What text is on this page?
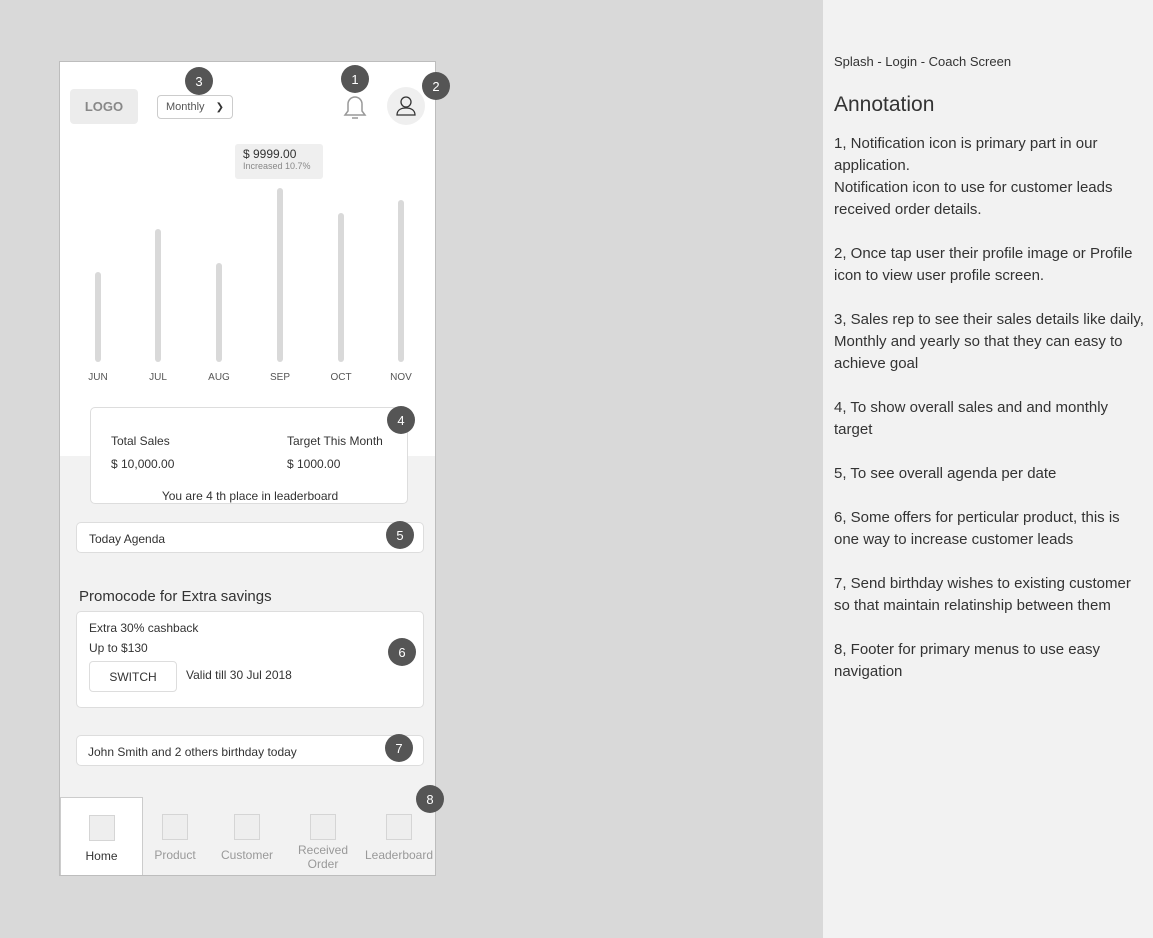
LOGO	Monthly ❯
$ 9999.00
Increased 10.7%
JUN	JUL	AUG	SEP	OCT	NOV
Total Sales
$ 10,000.00
Target This Month
$ 1000.00
You are 4 th place in leaderboard
Today Agenda
Promocode for Extra savings
Extra 30% cashback
Up to $130
SWITCH	Valid till 30 Jul 2018
John Smith and 2 others birthday today
Home	Product	Customer	Received Order
Leaderboard
1	2
3
4
5
6
7
8
Splash - Login - Coach Screen
Annotation

1, Notification icon is primary part in our application.
Notification icon to use for customer leads received order details.

2, Once tap user their profile image or Profile icon to view user profile screen.

3, Sales rep to see their sales details like daily, Monthly and yearly so that they can easy to achieve goal

4, To show overall sales and and monthly target

5, To see overall agenda per date

6, Some offers for perticular product, this is one way to increase customer leads

7, Send birthday wishes to existing customer so that maintain relatinship between them

8, Footer for primary menus to use easy navigation
